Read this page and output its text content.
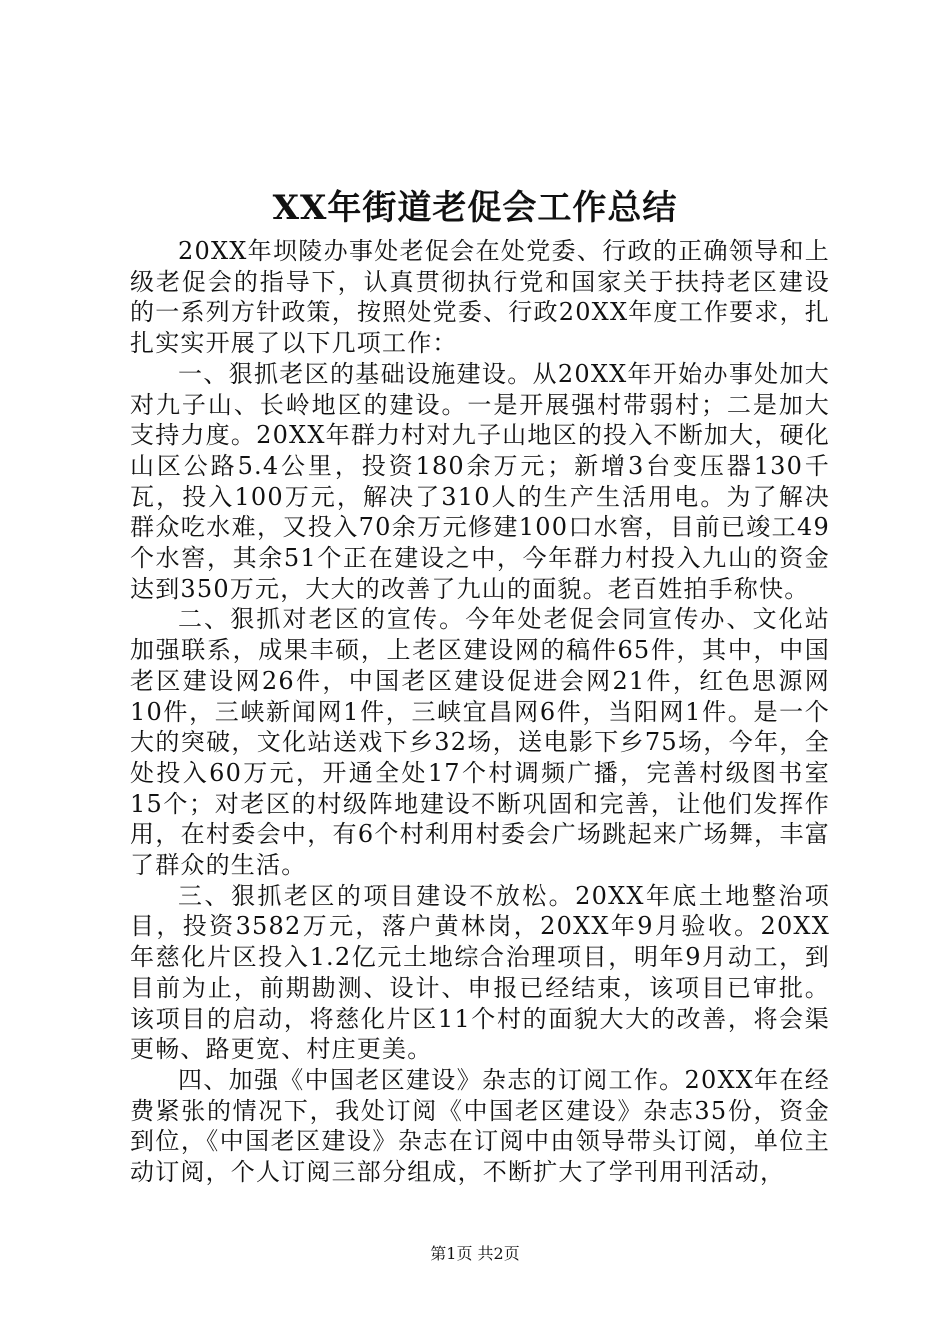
XX年街道老促会工作总结

20XX年坝陵办事处老促会在处党委、行政的正确领导和上级老促会的指导下，认真贯彻执行党和国家关于扶持老区建设的一系列方针政策，按照处党委、行政20XX年度工作要求，扎扎实实开展了以下几项工作：

一、狠抓老区的基础设施建设。从20XX年开始办事处加大对九子山、长岭地区的建设。一是开展强村带弱村；二是加大支持力度。20XX年群力村对九子山地区的投入不断加大，硬化山区公路5.4公里，投资180余万元；新增3台变压器130千瓦，投入100万元，解决了310人的生产生活用电。为了解决群众吃水难，又投入70余万元修建100口水窖，目前已竣工49个水窖，其余51个正在建设之中，今年群力村投入九山的资金达到350万元，大大的改善了九山的面貌。老百姓拍手称快。

二、狠抓对老区的宣传。今年处老促会同宣传办、文化站加强联系，成果丰硕，上老区建设网的稿件65件，其中，中国老区建设网26件，中国老区建设促进会网21件，红色思源网10件，三峡新闻网1件，三峡宜昌网6件，当阳网1件。是一个大的突破，文化站送戏下乡32场，送电影下乡75场，今年，全处投入60万元，开通全处17个村调频广播，完善村级图书室15个；对老区的村级阵地建设不断巩固和完善，让他们发挥作用，在村委会中，有6个村利用村委会广场跳起来广场舞，丰富了群众的生活。

三、狠抓老区的项目建设不放松。20XX年底土地整治项目，投资3582万元，落户黄林岗，20XX年9月验收。20XX年慈化片区投入1.2亿元土地综合治理项目，明年9月动工，到目前为止，前期勘测、设计、申报已经结束，该项目已审批。该项目的启动，将慈化片区11个村的面貌大大的改善，将会渠更畅、路更宽、村庄更美。

四、加强《中国老区建设》杂志的订阅工作。20XX年在经费紧张的情况下，我处订阅《中国老区建设》杂志35份，资金到位，《中国老区建设》杂志在订阅中由领导带头订阅，单位主动订阅，个人订阅三部分组成，不断扩大了学刊用刊活动，

第1页 共2页
